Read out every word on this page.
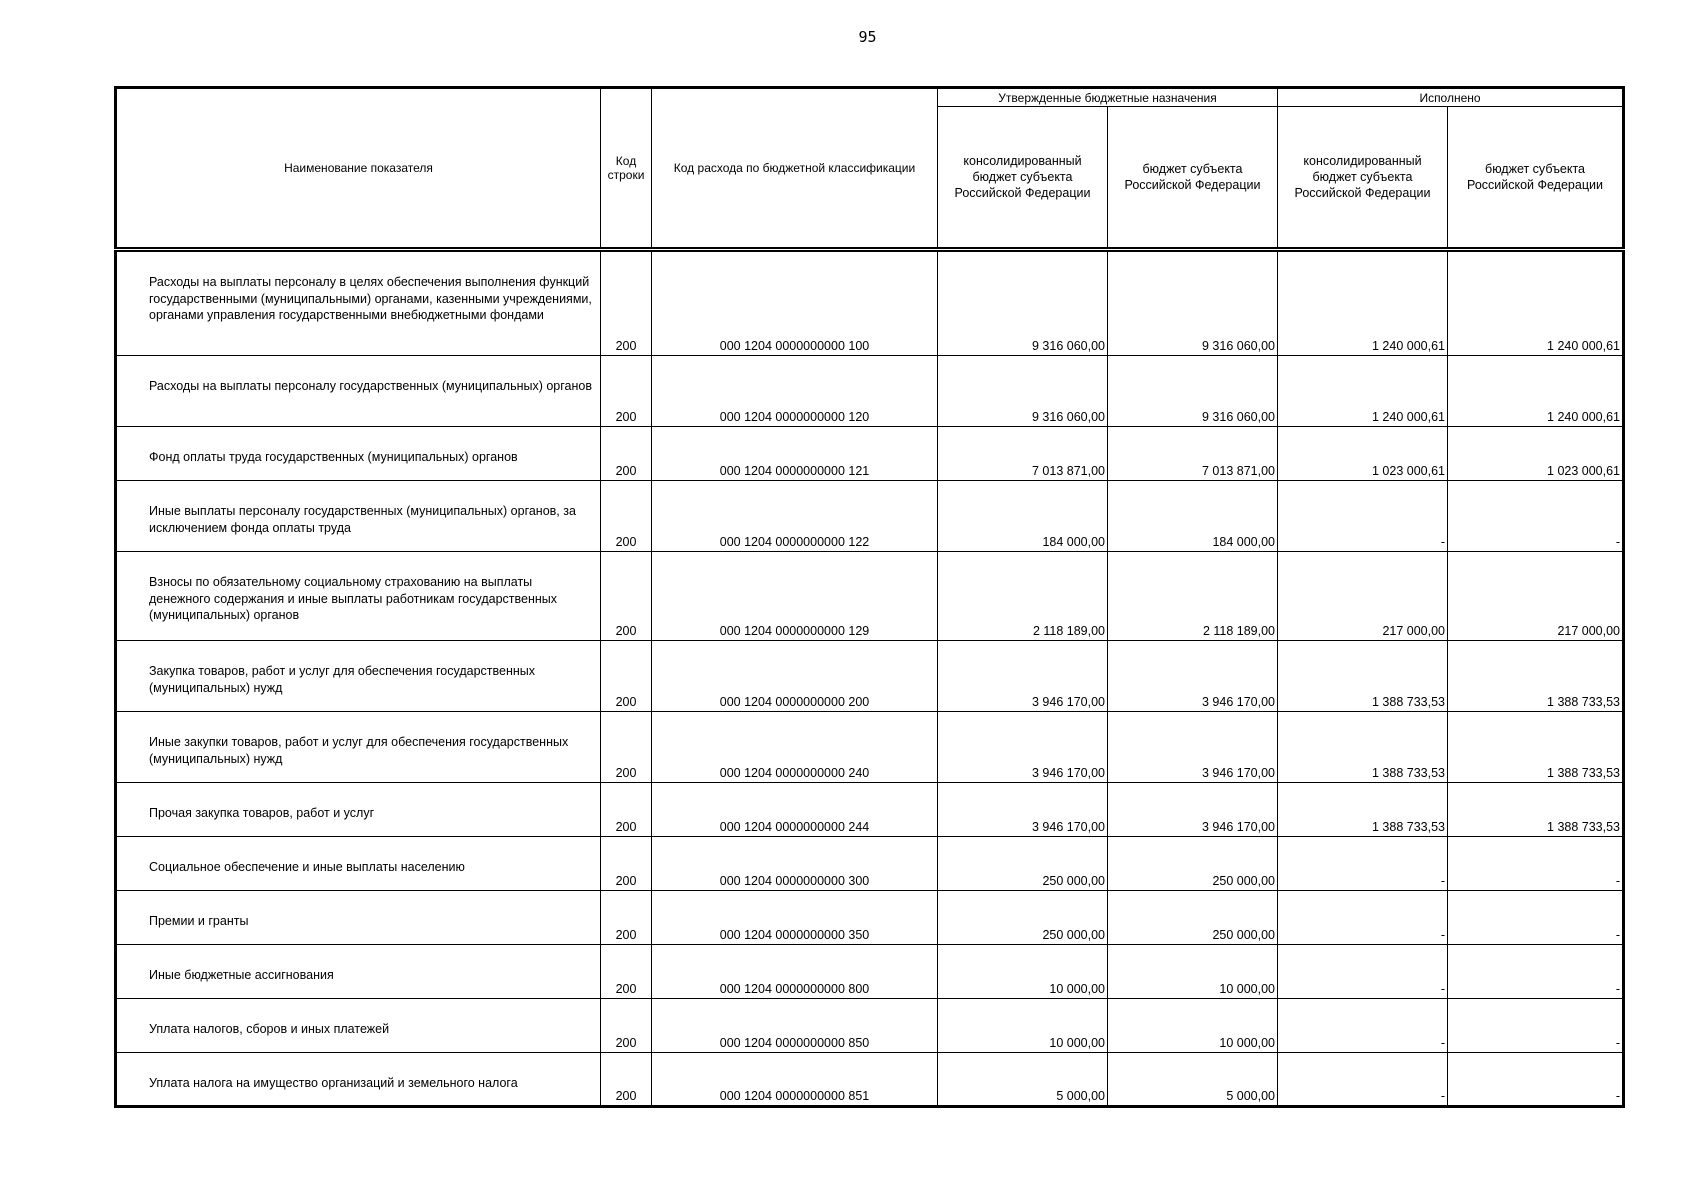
95
Наименование показателя	Код строки	Код расхода по бюджетной классификации	Утвержденные бюджетные назначения		Исполнено	
			консолидированный бюджет субъекта Российской Федерации	бюджет субъекта Российской Федерации	консолидированный бюджет субъекта Российской Федерации	бюджет субъекта Российской Федерации
Расходы на выплаты персоналу в целях обеспечения выполнения функций государственными (муниципальными) органами, казенными учреждениями, органами управления государственными внебюджетными фондами	200	000 1204 0000000000 100	9 316 060,00	9 316 060,00	1 240 000,61	1 240 000,61
Расходы на выплаты персоналу государственных (муниципальных) органов	200	000 1204 0000000000 120	9 316 060,00	9 316 060,00	1 240 000,61	1 240 000,61
Фонд оплаты труда государственных (муниципальных) органов	200	000 1204 0000000000 121	7 013 871,00	7 013 871,00	1 023 000,61	1 023 000,61
Иные выплаты персоналу государственных (муниципальных) органов, за исключением фонда оплаты труда	200	000 1204 0000000000 122	184 000,00	184 000,00	-	-
Взносы по обязательному социальному страхованию на выплаты денежного содержания и иные выплаты работникам государственных (муниципальных) органов	200	000 1204 0000000000 129	2 118 189,00	2 118 189,00	217 000,00	217 000,00
Закупка товаров, работ и услуг для обеспечения государственных (муниципальных) нужд	200	000 1204 0000000000 200	3 946 170,00	3 946 170,00	1 388 733,53	1 388 733,53
Иные закупки товаров, работ и услуг для обеспечения государственных (муниципальных) нужд	200	000 1204 0000000000 240	3 946 170,00	3 946 170,00	1 388 733,53	1 388 733,53
Прочая закупка товаров, работ и услуг	200	000 1204 0000000000 244	3 946 170,00	3 946 170,00	1 388 733,53	1 388 733,53
Социальное обеспечение и иные выплаты населению	200	000 1204 0000000000 300	250 000,00	250 000,00	-	-
Премии и гранты	200	000 1204 0000000000 350	250 000,00	250 000,00	-	-
Иные бюджетные ассигнования	200	000 1204 0000000000 800	10 000,00	10 000,00	-	-
Уплата налогов, сборов и иных платежей	200	000 1204 0000000000 850	10 000,00	10 000,00	-	-
Уплата налога на имущество организаций и земельного налога	200	000 1204 0000000000 851	5 000,00	5 000,00	-	-
